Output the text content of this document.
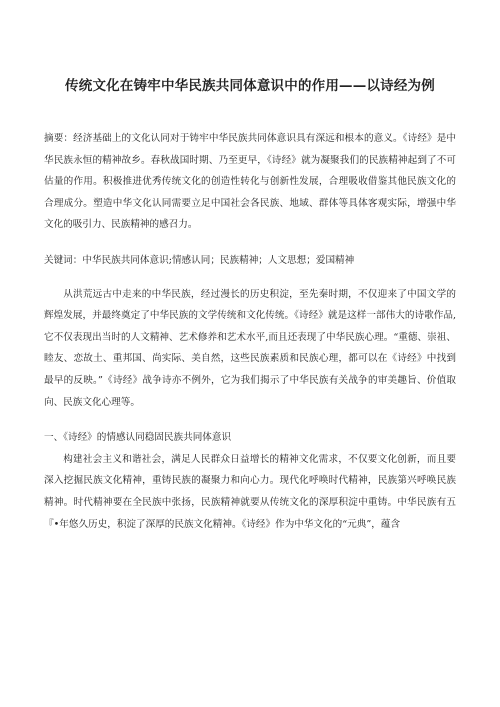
传统文化在铸牢中华民族共同体意识中的作用——以诗经为例

摘要：经济基础上的文化认同对于铸牢中华民族共同体意识具有深远和根本的意义。《诗经》是中华民族永恒的精神故乡。春秋战国时期、乃至更早，《诗经》就为凝聚我们的民族精神起到了不可估量的作用。积极推进优秀传统文化的创造性转化与创新性发展，合理吸收借鉴其他民族文化的合理成分。塑造中华文化认同需要立足中国社会各民族、地域、群体等具体客观实际，增强中华文化的吸引力、民族精神的感召力。

关键词：中华民族共同体意识;情感认同；民族精神；人文思想；爱国精神

从洪荒远古中走来的中华民族，经过漫长的历史积淀，至先秦时期，不仅迎来了中国文学的辉煌发展，并最终奠定了中华民族的文学传统和文化传统。《诗经》就是这样一部伟大的诗歌作品,它不仅表现出当时的人文精神、艺术修养和艺术水平,而且还表现了中华民族心理。“重德、崇祖、睦友、恋故土、重邦国、尚实际、美自然，这些民族素质和民族心理，都可以在《诗经》中找到最早的反映。”《诗经》战争诗亦不例外，它为我们揭示了中华民族有关战争的审美趣旨、价值取向、民族文化心理等。

一、《诗经》的情感认同稳固民族共同体意识

构建社会主义和谐社会，满足人民群众日益增长的精神文化需求，不仅要文化创新，而且要深入挖掘民族文化精神，重铸民族的凝聚力和向心力。现代化呼唤时代精神，民族第兴呼唤民族精神。时代精神要在全民族中张扬，民族精神就要从传统文化的深厚积淀中重铸。中华民族有五『•年悠久历史，积淀了深厚的民族文化精神。《诗经》作为中华文化的“元典”，蕴含
